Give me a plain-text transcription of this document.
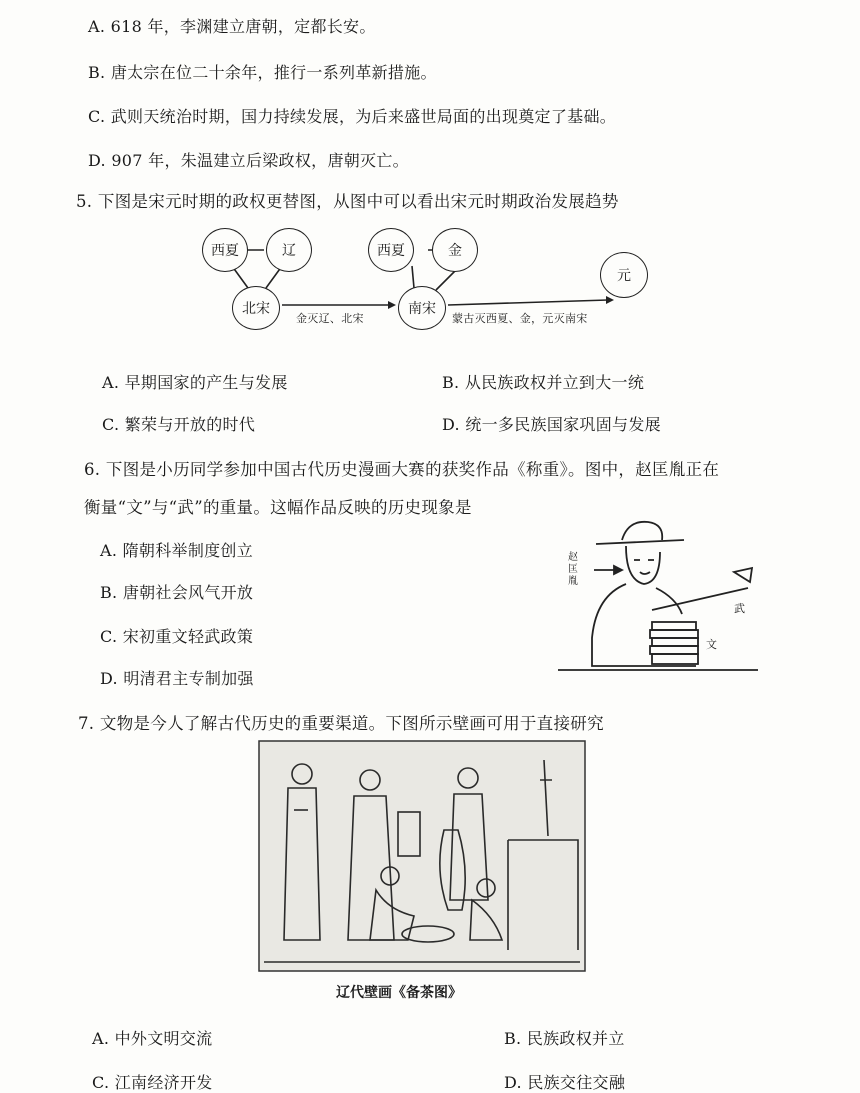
A. 618 年，李渊建立唐朝，定都长安。
B. 唐太宗在位二十余年，推行一系列革新措施。
C. 武则天统治时期，国力持续发展，为后来盛世局面的出现奠定了基础。
D. 907 年，朱温建立后梁政权，唐朝灭亡。
5. 下图是宋元时期的政权更替图，从图中可以看出宋元时期政治发展趋势
西夏	辽
北宋
西夏	金
南宋
元
金灭辽、北宋	蒙古灭西夏、金，元灭南宋
A. 早期国家的产生与发展	B. 从民族政权并立到大一统
C. 繁荣与开放的时代	D. 统一多民族国家巩固与发展
6. 下图是小历同学参加中国古代历史漫画大赛的获奖作品《称重》。图中，赵匡胤正在
衡量“文”与“武”的重量。这幅作品反映的历史现象是
A. 隋朝科举制度创立
B. 唐朝社会风气开放
C. 宋初重文轻武政策
D. 明清君主专制加强
赵匡胤
文
武
7. 文物是今人了解古代历史的重要渠道。下图所示壁画可用于直接研究
辽代壁画《备茶图》
A. 中外文明交流	B. 民族政权并立
C. 江南经济开发	D. 民族交往交融
